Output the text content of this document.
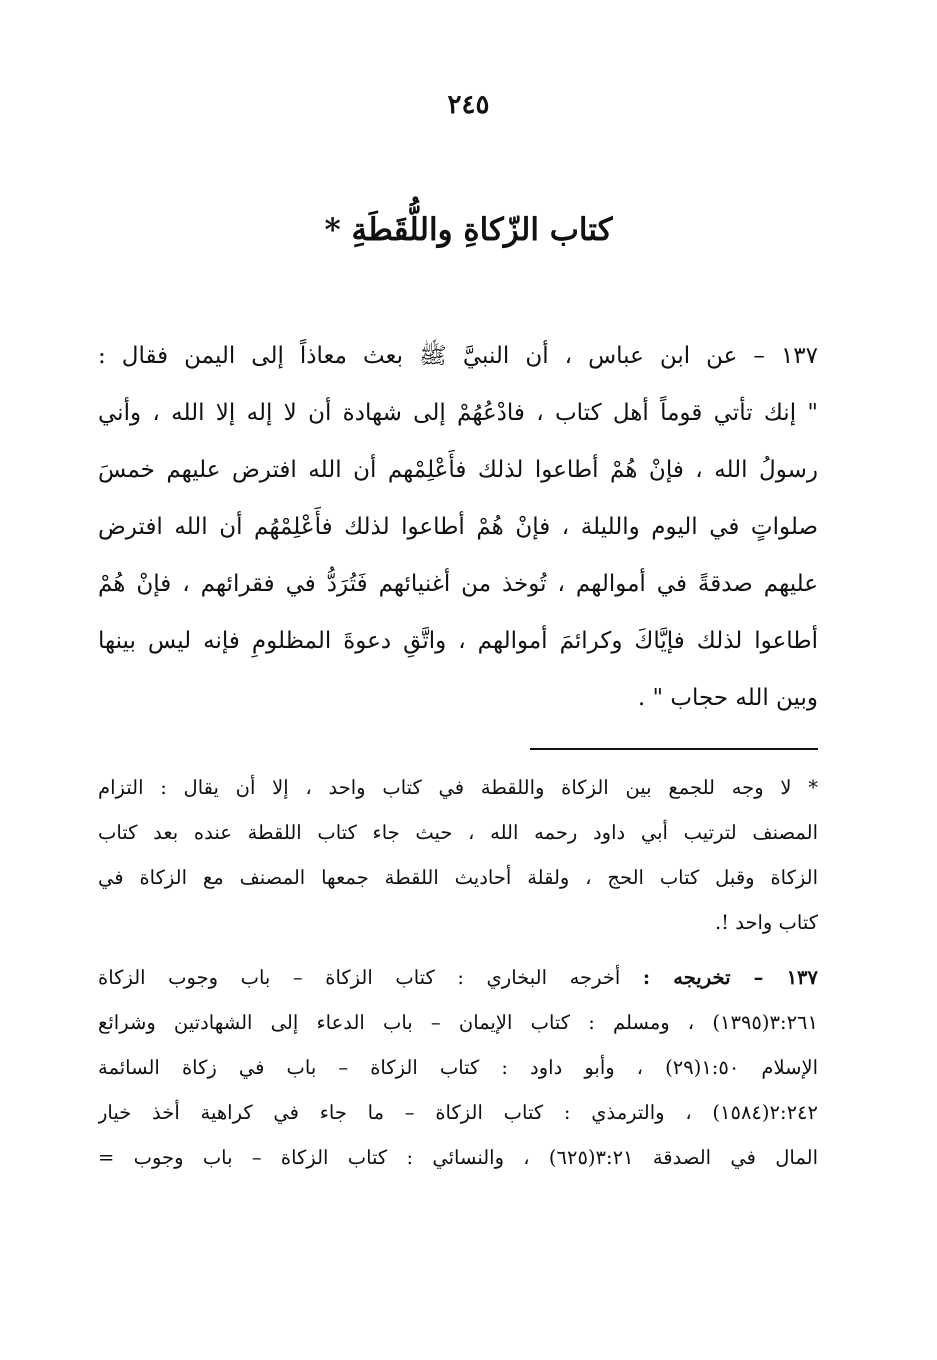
٢٤٥
كتاب الزّكاةِ واللُّقَطَةِ *
١٣٧ – عن ابن عباس ، أن النبيَّ ﷺ بعث معاذاً إلى اليمن فقال :
" إنك تأتي قوماً أهل كتاب ، فادْعُهُمْ إلى شهادة أن لا إله إلا الله ، وأني
رسولُ الله ، فإنْ هُمْ أطاعوا لذلك فأَعْلِمْهم أن الله افترض عليهم خمسَ
صلواتٍ في اليوم والليلة ، فإنْ هُمْ أطاعوا لذلك فأَعْلِمْهُم أن الله افترض
عليهم صدقةً في أموالهم ، تُوخذ من أغنيائهم فَتُرَدُّ في فقرائهم ، فإنْ هُمْ
أطاعوا لذلك فإيَّاكَ وكرائمَ أموالهم ، واتَّقِ دعوةَ المظلومِ فإنه ليس بينها
وبين الله حجاب " .
* لا وجه للجمع بين الزكاة واللقطة في كتاب واحد ، إلا أن يقال : التزام
المصنف لترتيب أبي داود رحمه الله ، حيث جاء كتاب اللقطة عنده بعد كتاب
الزكاة وقبل كتاب الحج ، ولقلة أحاديث اللقطة جمعها المصنف مع الزكاة في
كتاب واحد !.
١٣٧ – تخريجه : أخرجه البخاري : كتاب الزكاة – باب وجوب الزكاة
٣:٢٦١(١٣٩٥) ، ومسلم : كتاب الإيمان – باب الدعاء إلى الشهادتين وشرائع
الإسلام ١:٥٠(٢٩) ، وأبو داود : كتاب الزكاة – باب في زكاة السائمة
٢:٢٤٢(١٥٨٤) ، والترمذي : كتاب الزكاة – ما جاء في كراهية أخذ خيار
المال في الصدقة ٣:٢١(٦٢٥) ، والنسائي : كتاب الزكاة – باب وجوب =
